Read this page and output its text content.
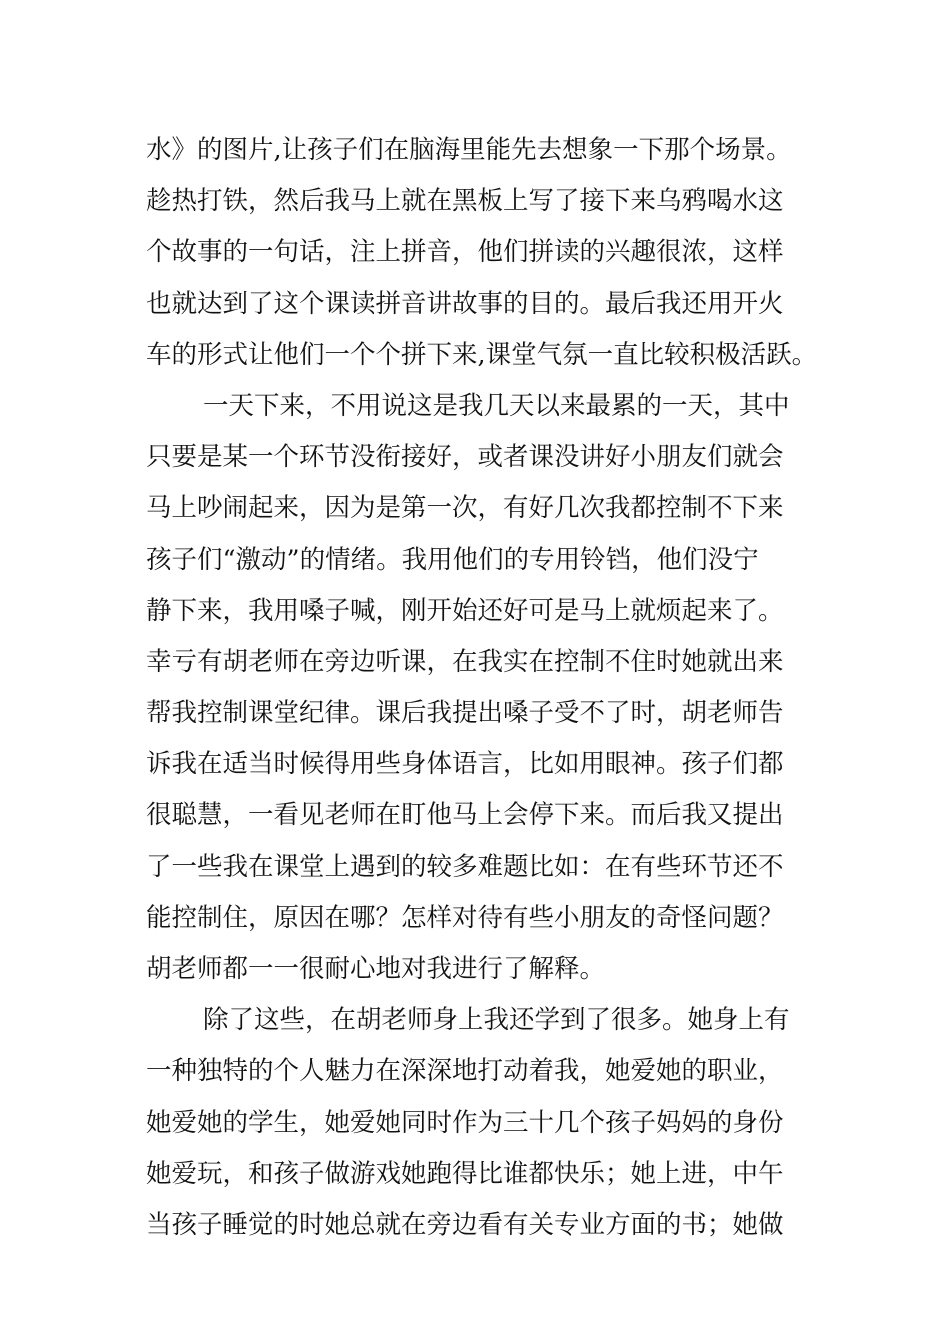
水》的图片,让孩子们在脑海里能先去想象一下那个场景。
趁热打铁，然后我马上就在黑板上写了接下来乌鸦喝水这
个故事的一句话，注上拼音，他们拼读的兴趣很浓，这样
也就达到了这个课读拼音讲故事的目的。最后我还用开火
车的形式让他们一个个拼下来,课堂气氛一直比较积极活跃。
一天下来，不用说这是我几天以来最累的一天，其中
只要是某一个环节没衔接好，或者课没讲好小朋友们就会
马上吵闹起来，因为是第一次，有好几次我都控制不下来
孩子们“激动”的情绪。我用他们的专用铃铛，他们没宁
静下来，我用嗓子喊，刚开始还好可是马上就烦起来了。
幸亏有胡老师在旁边听课，在我实在控制不住时她就出来
帮我控制课堂纪律。课后我提出嗓子受不了时，胡老师告
诉我在适当时候得用些身体语言，比如用眼神。孩子们都
很聪慧，一看见老师在盯他马上会停下来。而后我又提出
了一些我在课堂上遇到的较多难题比如：在有些环节还不
能控制住，原因在哪？怎样对待有些小朋友的奇怪问题？
胡老师都一一很耐心地对我进行了解释。
除了这些，在胡老师身上我还学到了很多。她身上有
一种独特的个人魅力在深深地打动着我，她爱她的职业，
她爱她的学生，她爱她同时作为三十几个孩子妈妈的身份
她爱玩，和孩子做游戏她跑得比谁都快乐；她上进，中午
当孩子睡觉的时她总就在旁边看有关专业方面的书；她做
